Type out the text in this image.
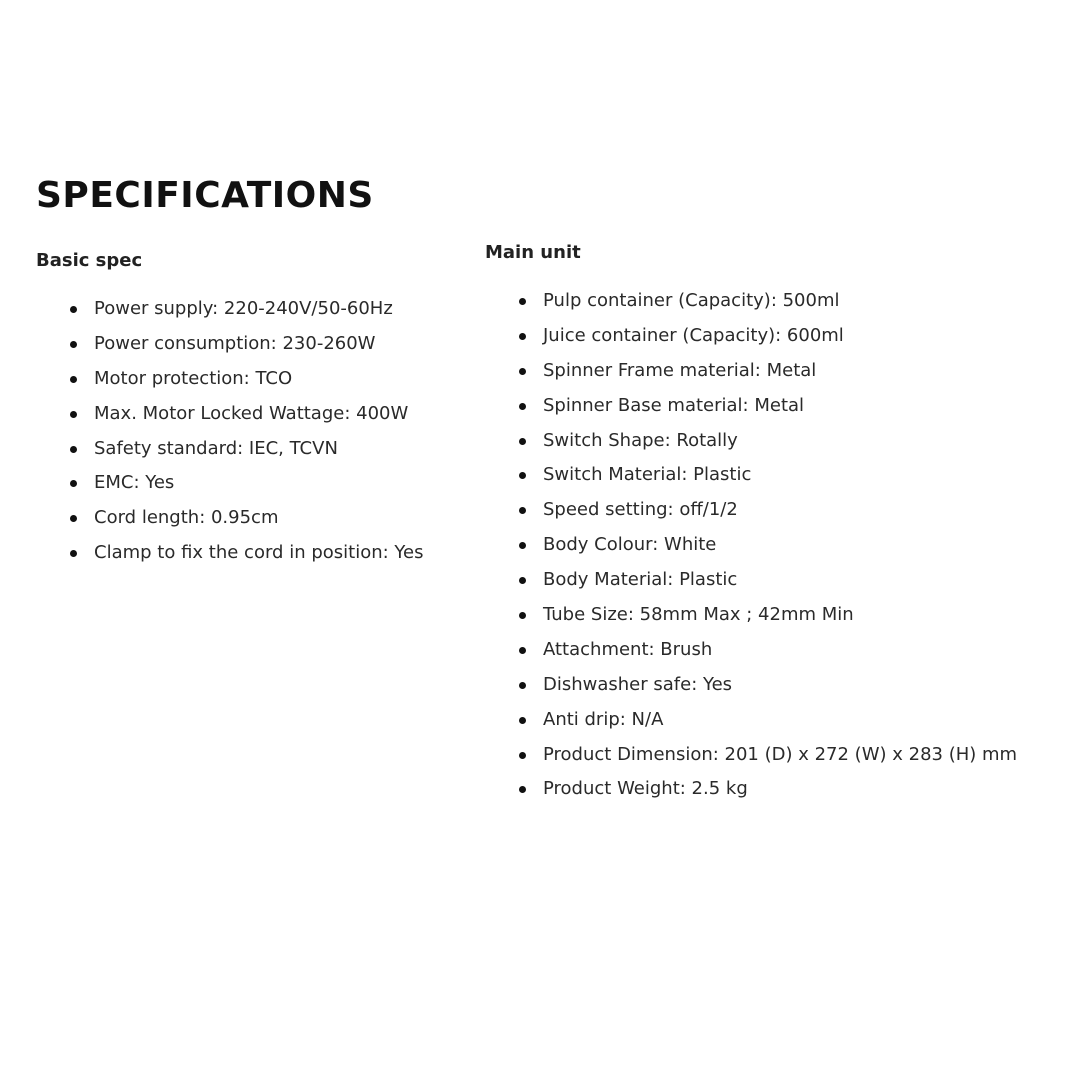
SPECIFICATIONS
Basic spec
Power supply: 220-240V/50-60Hz
Power consumption: 230-260W
Motor protection: TCO
Max. Motor Locked Wattage: 400W
Safety standard: IEC, TCVN
EMC: Yes
Cord length: 0.95cm
Clamp to fix the cord in position: Yes
Main unit
Pulp container (Capacity): 500ml
Juice container (Capacity): 600ml
Spinner Frame material: Metal
Spinner Base material: Metal
Switch Shape: Rotally
Switch Material: Plastic
Speed setting: off/1/2
Body Colour: White
Body Material: Plastic
Tube Size: 58mm Max ; 42mm Min
Attachment: Brush
Dishwasher safe: Yes
Anti drip: N/A
Product Dimension: 201 (D) x 272 (W) x 283 (H) mm
Product Weight: 2.5 kg
